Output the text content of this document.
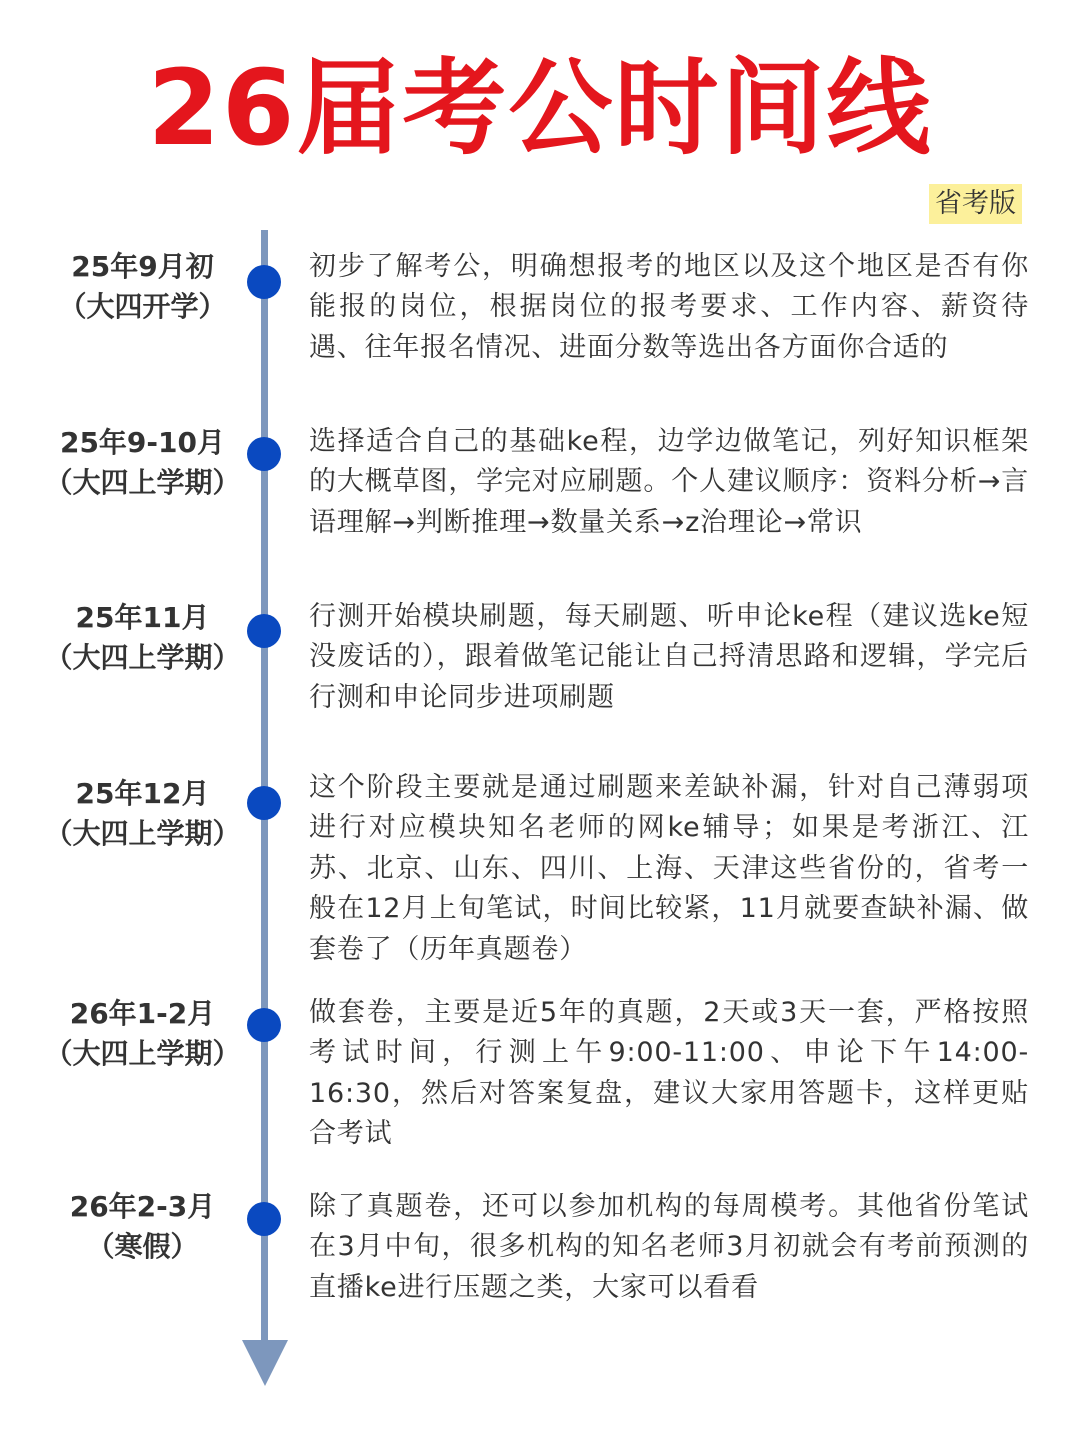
26届考公时间线
省考版
25年9月初
（大四开学）
初步了解考公，明确想报考的地区以及这个地区是否有你能报的岗位，根据岗位的报考要求、工作内容、薪资待遇、往年报名情况、进面分数等选出各方面你合适的
25年9-10月
（大四上学期）
选择适合自己的基础ke程，边学边做笔记，列好知识框架的大概草图，学完对应刷题。个人建议顺序：资料分析→言语理解→判断推理→数量关系→z治理论→常识
25年11月
（大四上学期）
行测开始模块刷题，每天刷题、听申论ke程（建议选ke短没废话的），跟着做笔记能让自己捋清思路和逻辑，学完后行测和申论同步进项刷题
25年12月
（大四上学期）
这个阶段主要就是通过刷题来差缺补漏，针对自己薄弱项进行对应模块知名老师的网ke辅导；如果是考浙江、江苏、北京、山东、四川、上海、天津这些省份的，省考一般在12月上旬笔试，时间比较紧，11月就要查缺补漏、做套卷了（历年真题卷）
26年1-2月
（大四上学期）
做套卷，主要是近5年的真题，2天或3天一套，严格按照考试时间，行测上午9:00-11:00、申论下午14:00-16:30，然后对答案复盘，建议大家用答题卡，这样更贴合考试
26年2-3月
（寒假）
除了真题卷，还可以参加机构的每周模考。其他省份笔试在3月中旬，很多机构的知名老师3月初就会有考前预测的直播ke进行压题之类，大家可以看看
